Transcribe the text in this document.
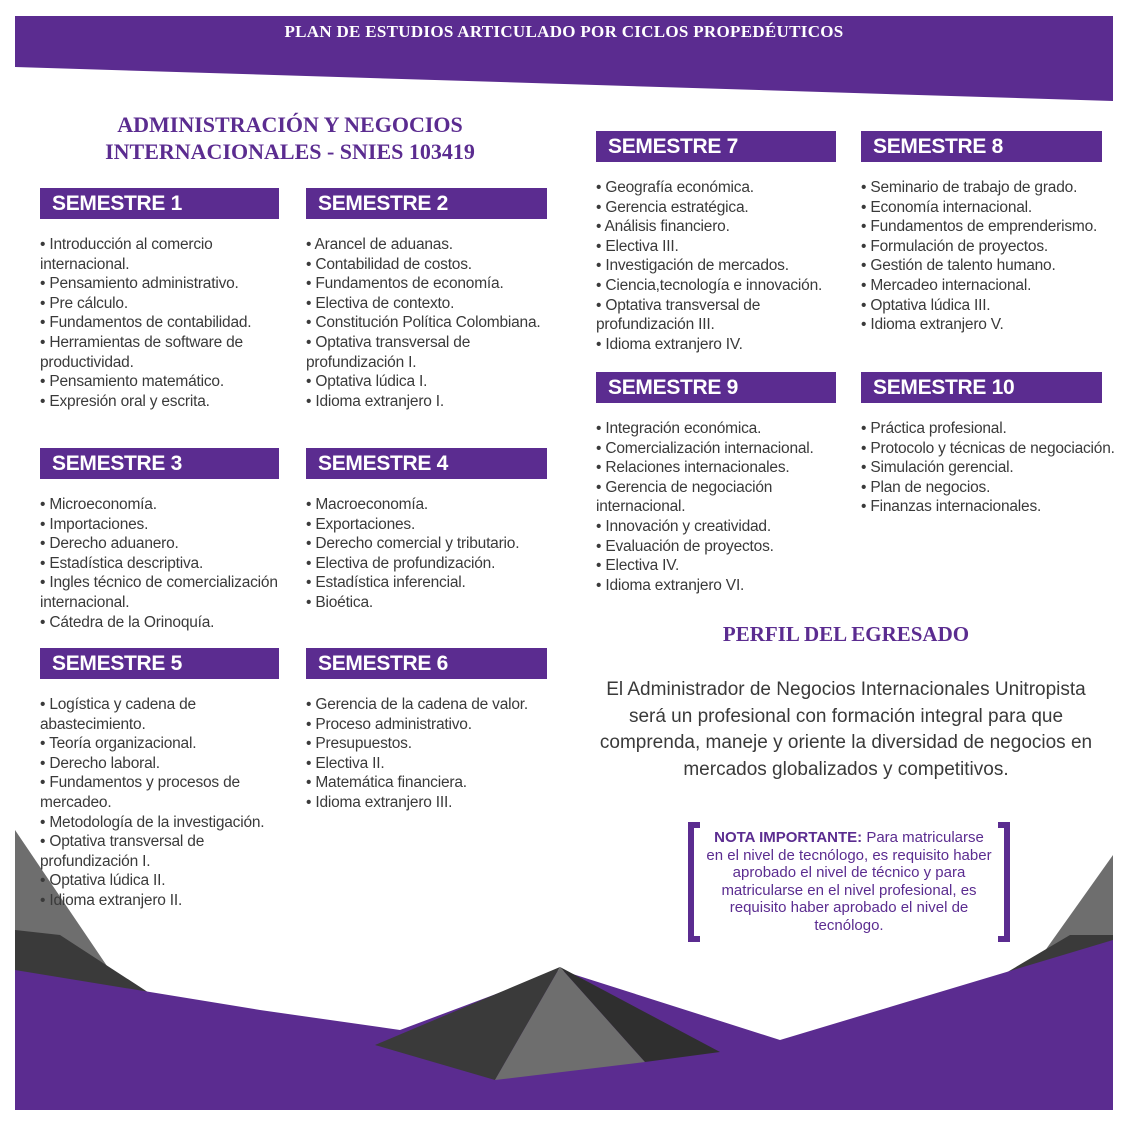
PLAN DE ESTUDIOS ARTICULADO POR CICLOS PROPEDÉUTICOS
ADMINISTRACIÓN Y NEGOCIOS
INTERNACIONALES - SNIES 103419
SEMESTRE 1
• Introducción al comercio internacional.
• Pensamiento administrativo.
• Pre cálculo.
• Fundamentos de contabilidad.
• Herramientas de software de productividad.
• Pensamiento matemático.
• Expresión oral y escrita.
SEMESTRE 2
• Arancel de aduanas.
• Contabilidad de costos.
• Fundamentos de economía.
• Electiva de contexto.
• Constitución Política Colombiana.
• Optativa transversal de profundización I.
• Optativa lúdica I.
• Idioma extranjero I.
SEMESTRE 3
• Microeconomía.
• Importaciones.
• Derecho aduanero.
• Estadística descriptiva.
• Ingles técnico de comercialización internacional.
• Cátedra de la Orinoquía.
SEMESTRE 4
• Macroeconomía.
• Exportaciones.
• Derecho comercial y tributario.
• Electiva de profundización.
• Estadística inferencial.
• Bioética.
SEMESTRE 5
• Logística y cadena de abastecimiento.
• Teoría organizacional.
• Derecho laboral.
• Fundamentos y procesos de mercadeo.
• Metodología de la investigación.
• Optativa transversal de profundización I.
• Optativa lúdica II.
• Idioma extranjero II.
SEMESTRE 6
• Gerencia de la cadena de valor.
• Proceso administrativo.
• Presupuestos.
• Electiva II.
• Matemática financiera.
• Idioma extranjero III.
SEMESTRE 7
• Geografía económica.
• Gerencia estratégica.
• Análisis financiero.
• Electiva III.
• Investigación de mercados.
• Ciencia,tecnología e innovación.
• Optativa transversal de profundización III.
• Idioma extranjero IV.
SEMESTRE 8
• Seminario de trabajo de grado.
• Economía internacional.
• Fundamentos de emprenderismo.
• Formulación de proyectos.
• Gestión de talento humano.
• Mercadeo internacional.
• Optativa lúdica III.
• Idioma extranjero V.
SEMESTRE 9
• Integración económica.
• Comercialización internacional.
• Relaciones internacionales.
• Gerencia de negociación internacional.
• Innovación y creatividad.
• Evaluación de proyectos.
• Electiva IV.
• Idioma extranjero VI.
SEMESTRE 10
• Práctica profesional.
• Protocolo y técnicas de negociación.
• Simulación gerencial.
• Plan de negocios.
• Finanzas internacionales.
PERFIL DEL EGRESADO
El Administrador de Negocios Internacionales Unitropista será un profesional con formación integral para que comprenda, maneje y oriente la diversidad de negocios en mercados globalizados y competitivos.
NOTA IMPORTANTE: Para matricularse en el nivel de tecnólogo, es requisito haber aprobado el nivel de técnico y para matricularse en el nivel profesional, es requisito haber aprobado el nivel de tecnólogo.
